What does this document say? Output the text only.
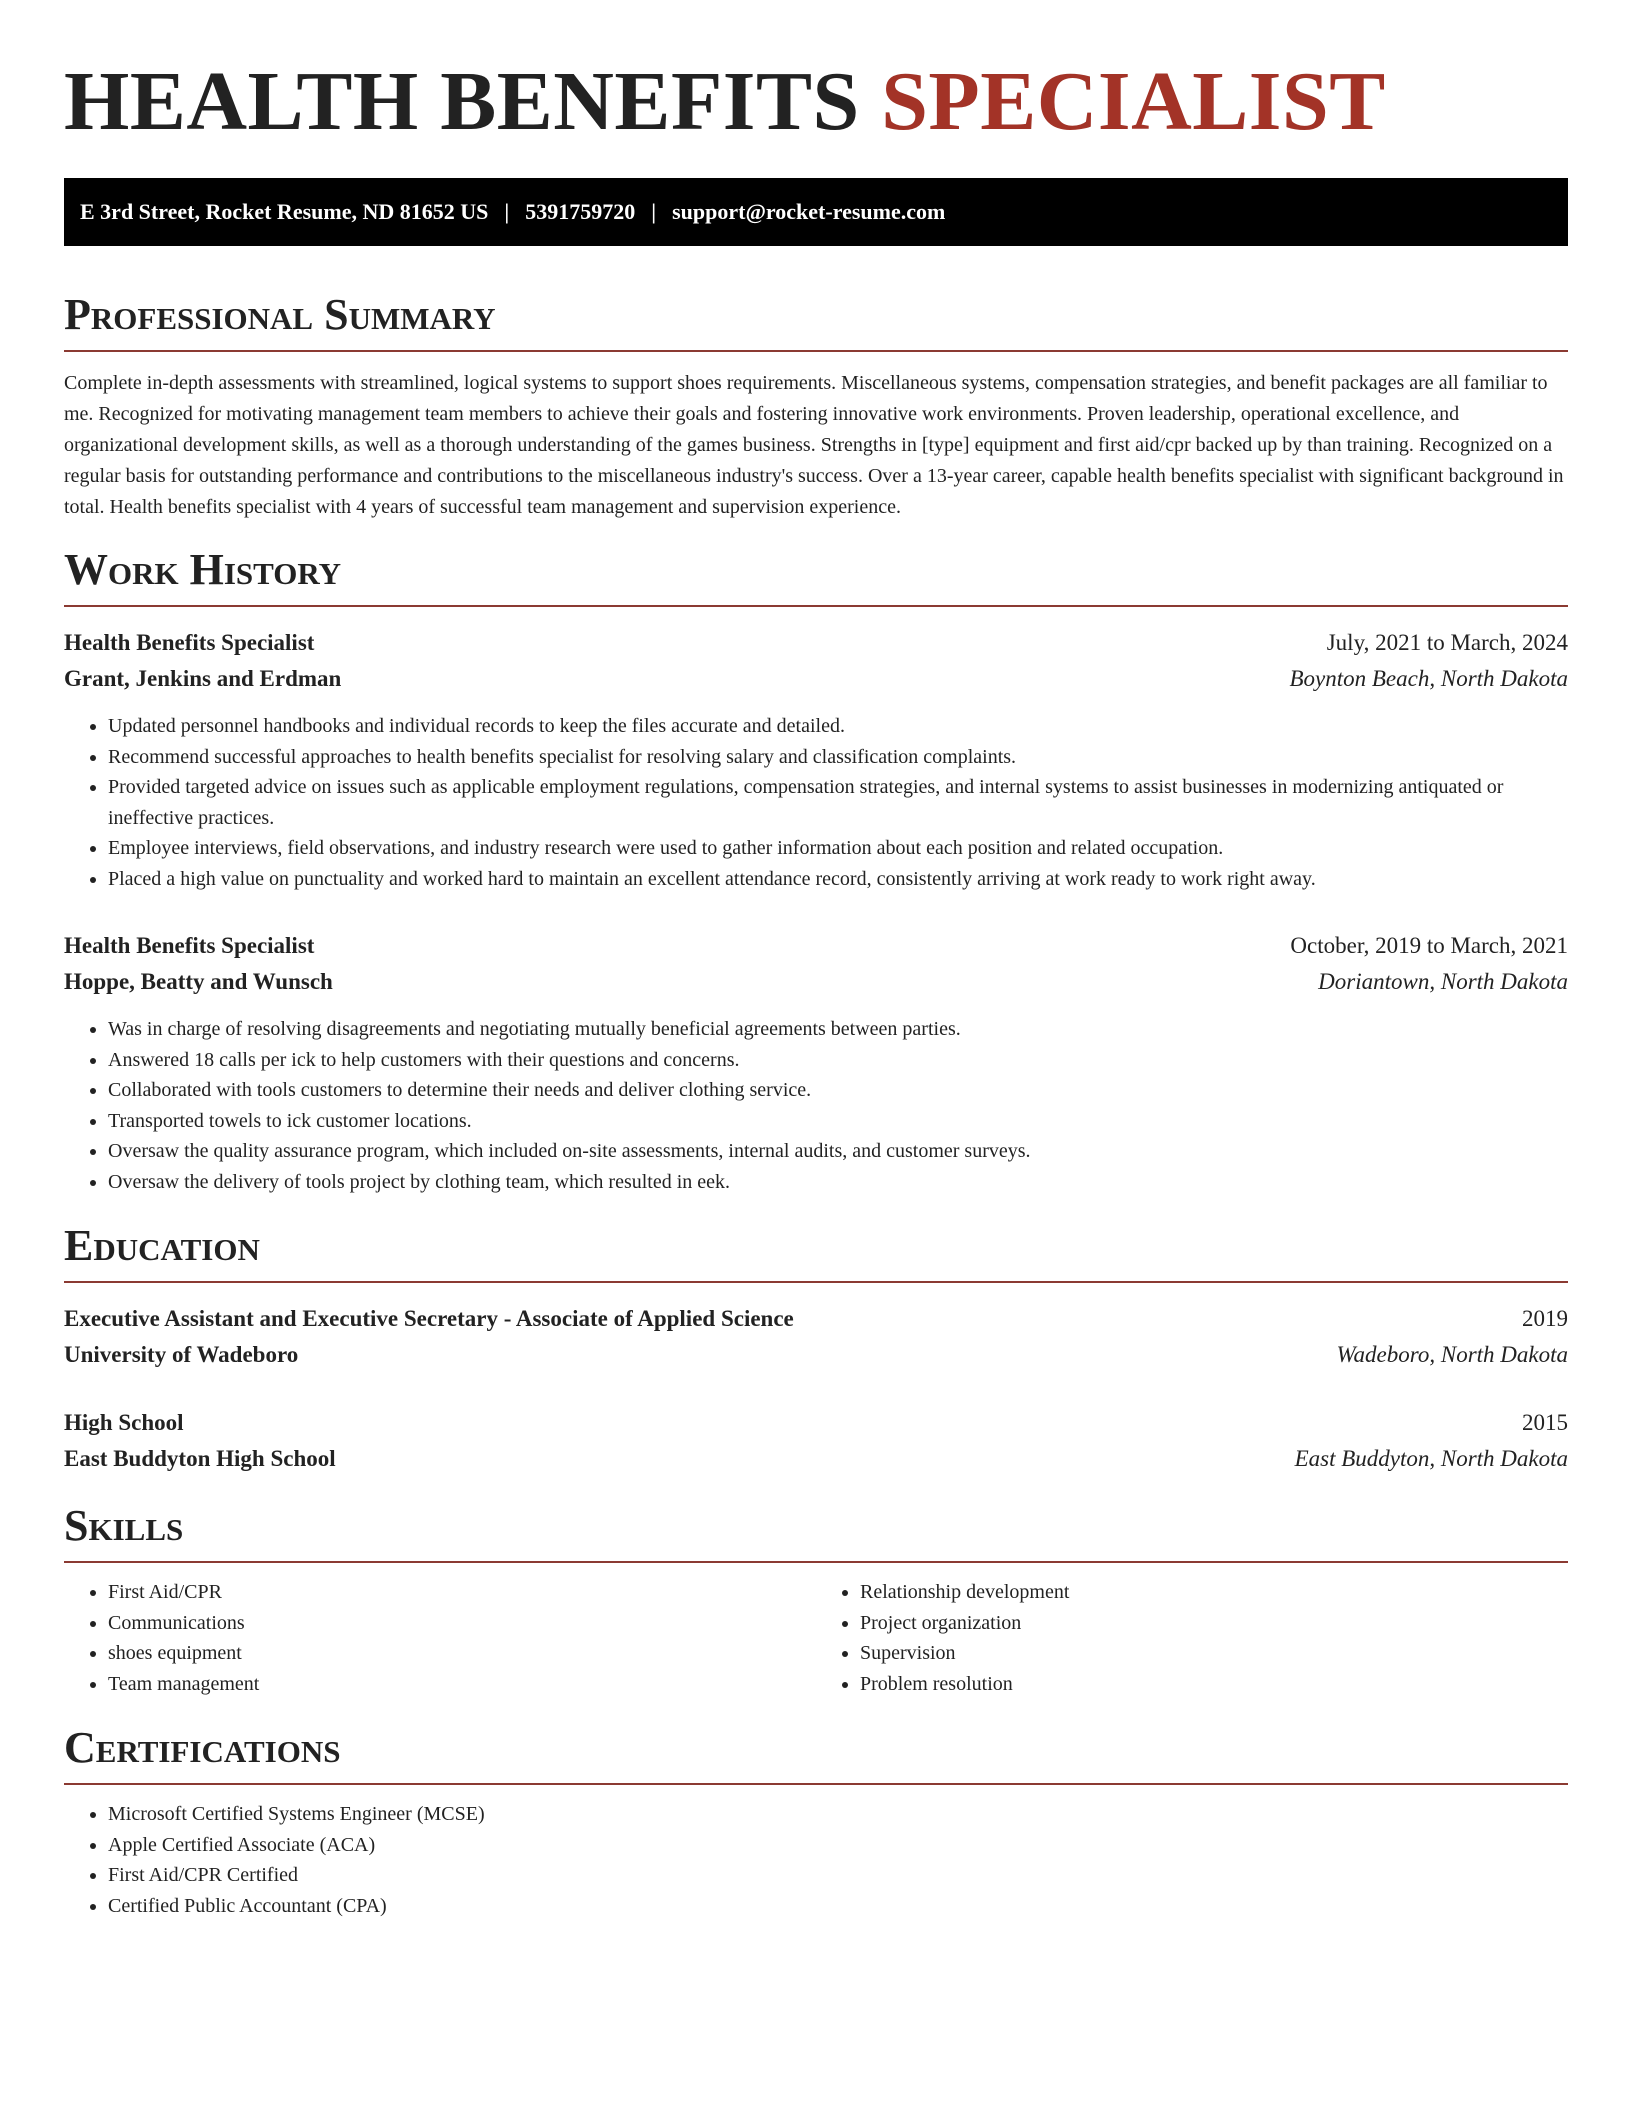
HEALTH BENEFITS SPECIALIST
E 3rd Street, Rocket Resume, ND 81652 US | 5391759720 | support@rocket-resume.com
Professional Summary

Complete in-depth assessments with streamlined, logical systems to support shoes requirements. Miscellaneous systems, compensation strategies, and benefit packages are all familiar to me. Recognized for motivating management team members to achieve their goals and fostering innovative work environments. Proven leadership, operational excellence, and organizational development skills, as well as a thorough understanding of the games business. Strengths in [type] equipment and first aid/cpr backed up by than training. Recognized on a regular basis for outstanding performance and contributions to the miscellaneous industry's success. Over a 13-year career, capable health benefits specialist with significant background in total. Health benefits specialist with 4 years of successful team management and supervision experience.

Work History
Health Benefits Specialist	July, 2021 to March, 2024
Grant, Jenkins and Erdman	Boynton Beach, North Dakota
• Updated personnel handbooks and individual records to keep the files accurate and detailed.
• Recommend successful approaches to health benefits specialist for resolving salary and classification complaints.
• Provided targeted advice on issues such as applicable employment regulations, compensation strategies, and internal systems to assist businesses in modernizing antiquated or ineffective practices.
• Employee interviews, field observations, and industry research were used to gather information about each position and related occupation.
• Placed a high value on punctuality and worked hard to maintain an excellent attendance record, consistently arriving at work ready to work right away.
Health Benefits Specialist	October, 2019 to March, 2021
Hoppe, Beatty and Wunsch	Doriantown, North Dakota
• Was in charge of resolving disagreements and negotiating mutually beneficial agreements between parties.
• Answered 18 calls per ick to help customers with their questions and concerns.
• Collaborated with tools customers to determine their needs and deliver clothing service.
• Transported towels to ick customer locations.
• Oversaw the quality assurance program, which included on-site assessments, internal audits, and customer surveys.
• Oversaw the delivery of tools project by clothing team, which resulted in eek.
Education
Executive Assistant and Executive Secretary - Associate of Applied Science	2019
University of Wadeboro	Wadeboro, North Dakota
High School	2015
East Buddyton High School	East Buddyton, North Dakota
Skills
• First Aid/CPR
• Communications
• shoes equipment
• Team management
• Relationship development
• Project organization
• Supervision
• Problem resolution
Certifications
• Microsoft Certified Systems Engineer (MCSE)
• Apple Certified Associate (ACA)
• First Aid/CPR Certified
• Certified Public Accountant (CPA)
